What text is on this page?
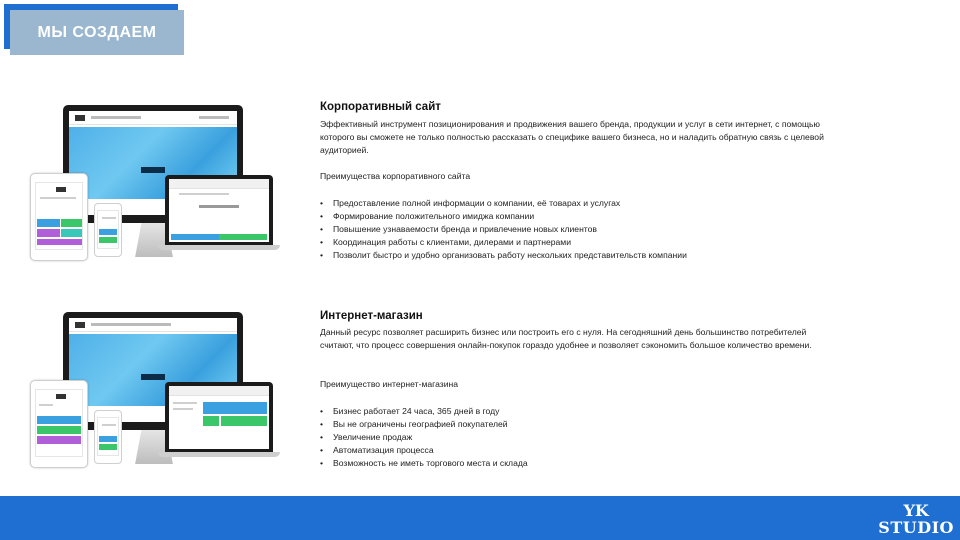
МЫ СОЗДАЕМ
Корпоративный сайт
Эффективный инструмент позиционирования и продвижения вашего бренда, продукции и услуг в сети интернет, с помощью которого вы сможете не только полностью рассказать о специфике вашего бизнеса, но и наладить обратную связь с целевой аудиторией.
Преимущества корпоративного сайта
• Предоставление полной информации о компании, её товарах и услугах
• Формирование положительного имиджа компании
• Повышение узнаваемости бренда и привлечение новых клиентов
• Координация работы с клиентами, дилерами и партнерами
• Позволит быстро и удобно организовать работу нескольких представительств компании
Интернет-магазин
Данный ресурс позволяет расширить бизнес или построить его с нуля. На сегодняшний день большинство потребителей считают, что процесс совершения онлайн-покупок гораздо удобнее и позволяет сэкономить большое количество времени.
Преимущество интернет-магазина
• Бизнес работает 24 часа, 365 дней в году
• Вы не ограничены географией покупателей
• Увеличение продаж
• Автоматизация процесса
• Возможность не иметь торгового места и склада
YK
STUDIO
